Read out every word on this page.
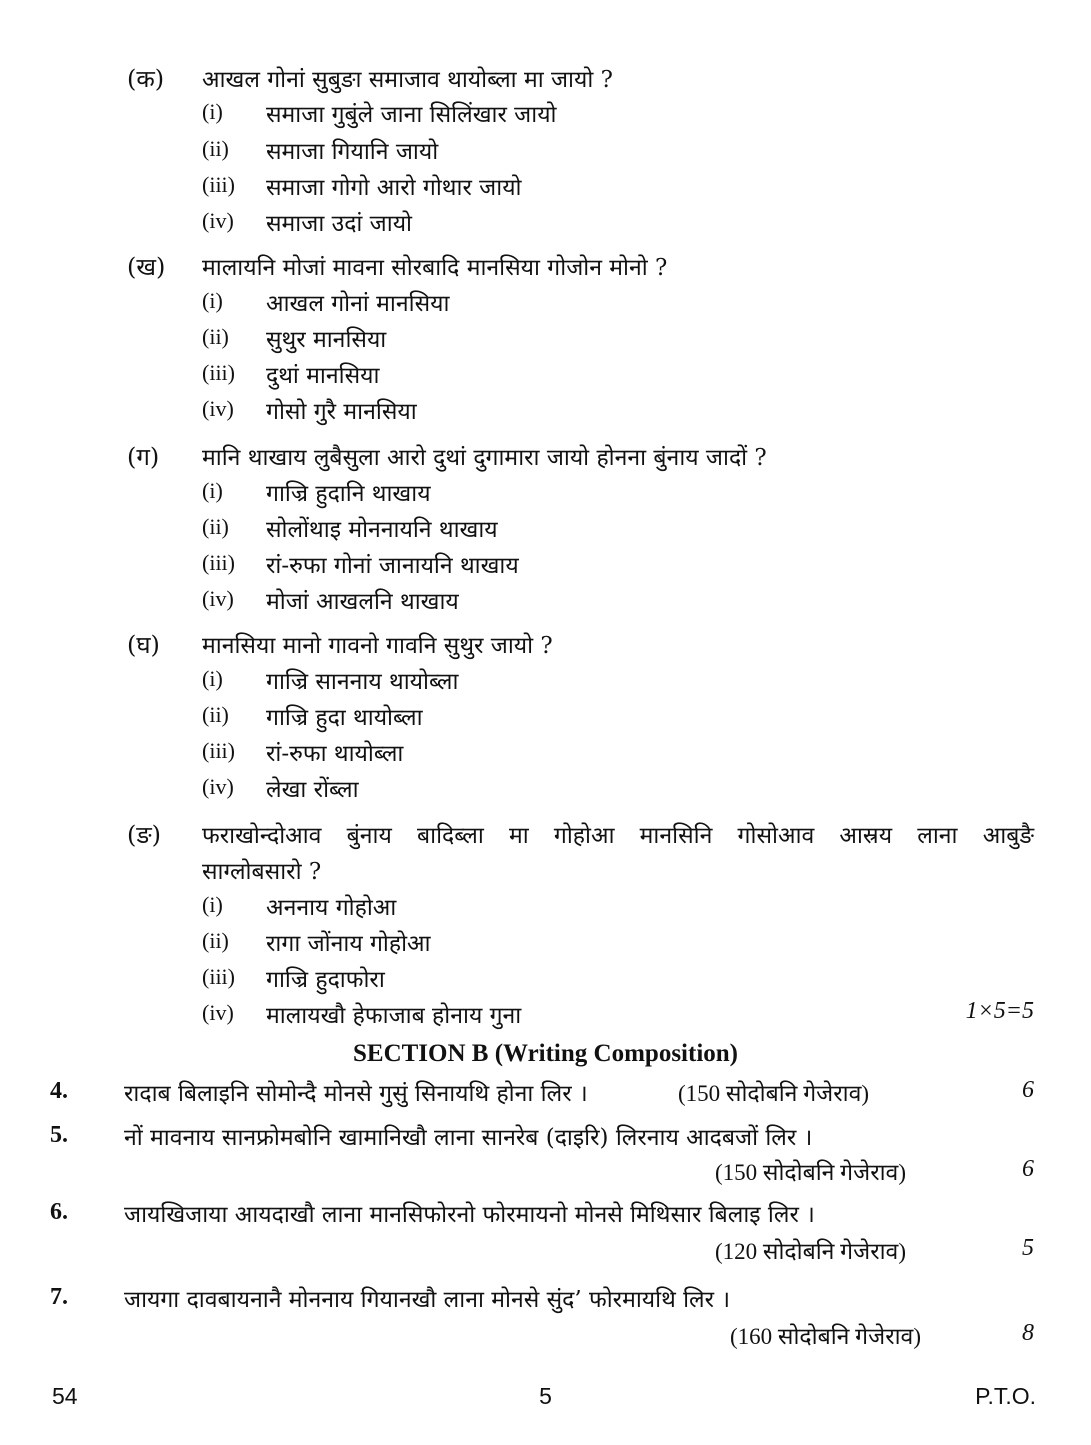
(क) आखल गोनां सुबुङा समाजाव थायोब्ला मा जायो ?
(i) समाजा गुबुंले जाना सिलिंखार जायो
(ii) समाजा गियानि जायो
(iii) समाजा गोगो आरो गोथार जायो
(iv) समाजा उदां जायो
(ख) मालायनि मोजां मावना सोरबादि मानसिया गोजोन मोनो ?
(i) आखल गोनां मानसिया
(ii) सुथुर मानसिया
(iii) दुथां मानसिया
(iv) गोसो गुरै मानसिया
(ग) मानि थाखाय लुबैसुला आरो दुथां दुगामारा जायो होनना बुंनाय जादों ?
(i) गाज्रि हुदानि थाखाय
(ii) सोलोंथाइ मोननायनि थाखाय
(iii) रां-रुफा गोनां जानायनि थाखाय
(iv) मोजां आखलनि थाखाय
(घ) मानसिया मानो गावनो गावनि सुथुर जायो ?
(i) गाज्रि साननाय थायोब्ला
(ii) गाज्रि हुदा थायोब्ला
(iii) रां-रुफा थायोब्ला
(iv) लेखा रोंब्ला
(ङ) फराखोन्दोआव बुंनाय बादिब्ला मा गोहोआ मानसिनि गोसोआव आस्रय लाना आबुङै
साग्लोबसारो ?
(i) अननाय गोहोआ
(ii) रागा जोंनाय गोहोआ
(iii) गाज्रि हुदाफोरा
(iv) मालायखौ हेफाजाब होनाय गुना	1×5=5
SECTION B (Writing Composition)
4. रादाब बिलाइनि सोमोन्दै मोनसे गुसुं सिनायथि होना लिर ।	(150 सोदोबनि गेजेराव)	6
5. नों मावनाय सानफ्रोमबोनि खामानिखौ लाना सानरेब (दाइरि) लिरनाय आदबजों लिर ।
(150 सोदोबनि गेजेराव)	6
6. जायखिजाया आयदाखौ लाना मानसिफोरनो फोरमायनो मोनसे मिथिसार बिलाइ लिर ।
(120 सोदोबनि गेजेराव)	5
7. जायगा दावबायनानै मोननाय गियानखौ लाना मोनसे सुंद’ फोरमायथि लिर ।
(160 सोदोबनि गेजेराव)	8
54	5	P.T.O.
